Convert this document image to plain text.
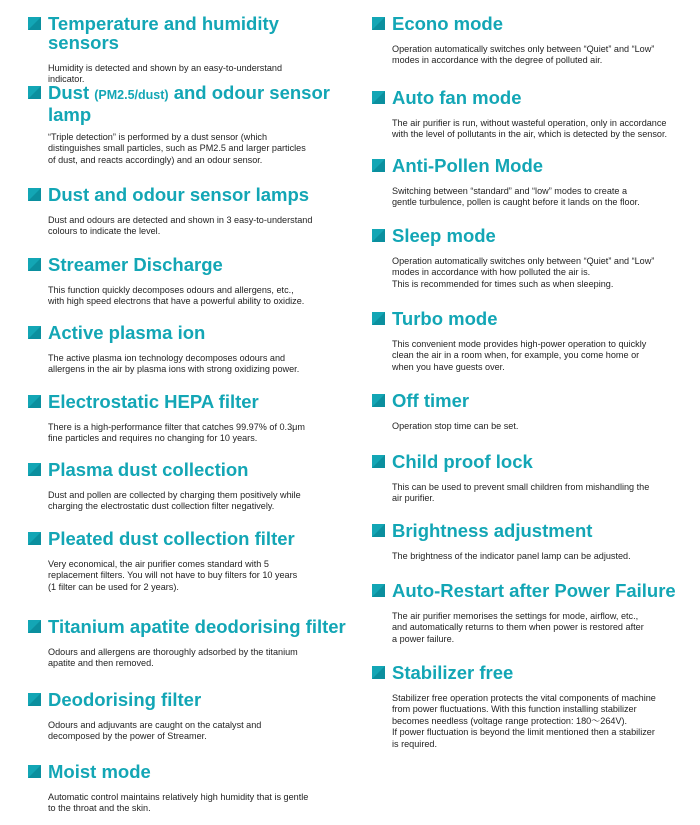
Temperature and humidity sensors
Humidity is detected and shown by an easy-to-understand
indicator.
Dust (PM2.5/dust) and odour sensor
lamp
“Triple detection” is performed by a dust sensor (which
distinguishes small particles, such as PM2.5 and larger particles
of dust, and reacts accordingly) and an odour sensor.
Dust and odour sensor lamps
Dust and odours are detected and shown in 3 easy-to-understand
colours to indicate the level.
Streamer Discharge
This function quickly decomposes odours and allergens, etc.,
with high speed electrons that have a powerful ability to oxidize.
Active plasma ion
The active plasma ion technology decomposes odours and
allergens in the air by plasma ions with strong oxidizing power.
Electrostatic HEPA filter
There is a high-performance filter that catches 99.97% of 0.3μm
fine particles and requires no changing for 10 years.
Plasma dust collection
Dust and pollen are collected by charging them positively while
charging the electrostatic dust collection filter negatively.
Pleated dust collection filter
Very economical, the air purifier comes standard with 5
replacement filters. You will not have to buy filters for 10 years
(1 filter can be used for 2 years).
Titanium apatite deodorising filter
Odours and allergens are thoroughly adsorbed by the titanium
apatite and then removed.
Deodorising filter
Odours and adjuvants are caught on the catalyst and
decomposed by the power of Streamer.
Moist mode
Automatic control maintains relatively high humidity that is gentle
to the throat and the skin.
Econo mode
Operation automatically switches only between “Quiet” and “Low”
modes in accordance with the degree of polluted air.
Auto fan mode
The air purifier is run, without wasteful operation, only in accordance
with the level of pollutants in the air, which is detected by the sensor.
Anti-Pollen Mode
Switching between “standard” and “low” modes to create a
gentle turbulence, pollen is caught before it lands on the floor.
Sleep mode
Operation automatically switches only between “Quiet” and “Low”
modes in accordance with how polluted the air is.
This is recommended for times such as when sleeping.
Turbo mode
This convenient mode provides high-power operation to quickly
clean the air in a room when, for example, you come home or
when you have guests over.
Off timer
Operation stop time can be set.
Child proof lock
This can be used to prevent small children from mishandling the
air purifier.
Brightness adjustment
The brightness of the indicator panel lamp can be adjusted.
Auto-Restart after Power Failure
The air purifier memorises the settings for mode, airflow, etc.,
and automatically returns to them when power is restored after
a power failure.
Stabilizer free
Stabilizer free operation protects the vital components of machine
from power fluctuations. With this function installing stabilizer
becomes needless (voltage range protection: 180～264V).
If power fluctuation is beyond the limit mentioned then a stabilizer
is required.
